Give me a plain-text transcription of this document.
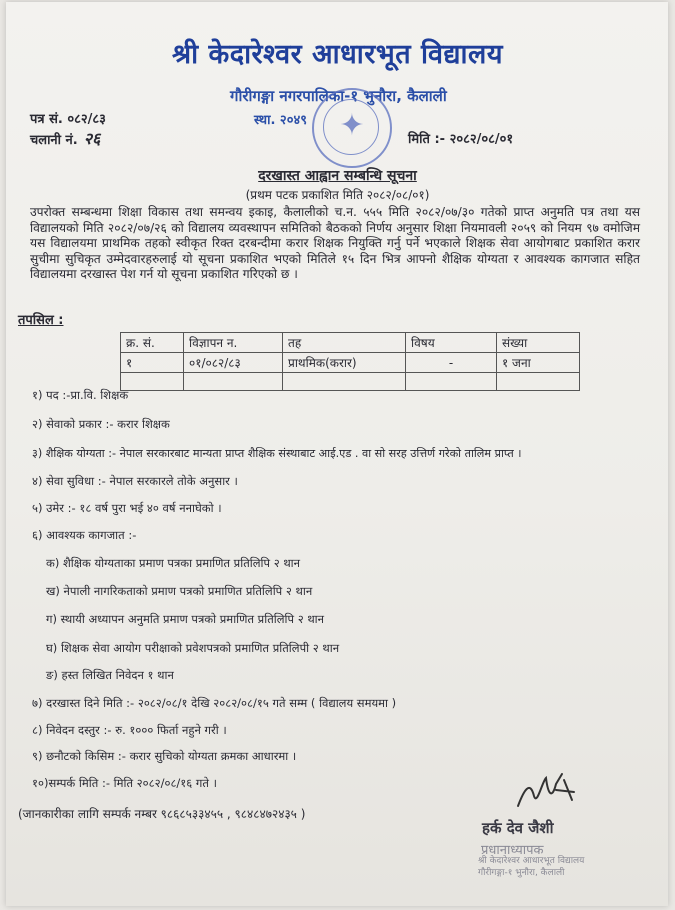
श्री केदारेश्वर आधारभूत विद्यालय
गौरीगङ्गा नगरपालिका-१ भुनौरा, कैलाली
स्था. २०४९	✦
पत्र सं. ०८२/८३
चलानी नं. २६	मिति :- २०८२/०८/०१
दरखास्त आह्वान सम्बन्धि सूचना
(प्रथम पटक प्रकाशित मिति २०८२/०८/०१)
उपरोक्त सम्बन्धमा शिक्षा विकास तथा समन्वय इकाइ, कैलालीको च.न. ५५५ मिति २०८२/०७/३० गतेको प्राप्त अनुमति पत्र तथा यस विद्यालयको मिति २०८२/०७/२६ को विद्यालय व्यवस्थापन समितिको बैठकको निर्णय अनुसार शिक्षा नियमावली २०५९ को नियम ९७ वमोजिम यस विद्यालयमा प्राथमिक तहको स्वीकृत रिक्त दरबन्दीमा करार शिक्षक नियुक्ति गर्नु पर्ने भएकाले शिक्षक सेवा आयोगबाट प्रकाशित करार सुचीमा सुचिकृत उम्मेदवारहरुलाई यो सूचना प्रकाशित भएको मितिले १५ दिन भित्र आफ्नो शैक्षिक योग्यता र आवश्यक कागजात सहित विद्यालयमा दरखास्त पेश गर्न यो सूचना प्रकाशित गरिएको छ ।
तपसिल :
क्र. सं.	विज्ञापन न.	तह	विषय	संख्या
१	०१/०८२/८३	प्राथमिक(करार)	-	१ जना

१) पद :-प्रा.वि. शिक्षक
२) सेवाको प्रकार :- करार शिक्षक
३) शैक्षिक योग्यता :- नेपाल सरकारबाट मान्यता प्राप्त शैक्षिक संस्थाबाट आई.एड . वा सो सरह उत्तिर्ण गरेको तालिम प्राप्त ।
४) सेवा सुविधा :- नेपाल सरकारले तोके अनुसार ।
५) उमेर :- १८ वर्ष पुरा भई ४० वर्ष ननाघेको ।
६) आवश्यक कागजात :-
क) शैक्षिक योग्यताका प्रमाण पत्रका प्रमाणित प्रतिलिपि २ थान
ख) नेपाली नागरिकताको प्रमाण पत्रको प्रमाणित प्रतिलिपि २ थान
ग) स्थायी अध्यापन अनुमति प्रमाण पत्रको प्रमाणित प्रतिलिपि २ थान
घ) शिक्षक सेवा आयोग परीक्षाको प्रवेशपत्रको प्रमाणित प्रतिलिपी २ थान
ङ) हस्त लिखित निवेदन १ थान
७) दरखास्त दिने मिति :- २०८२/०८/१ देखि २०८२/०८/१५ गते सम्म ( विद्यालय समयमा )
८) निवेदन दस्तुर :- रु. १००० फिर्ता नहुने गरी ।
९) छनौटको किसिम :- करार सुचिको योग्यता क्रमका आधारमा ।
१०)सम्पर्क मिति :- मिति २०८२/०८/१६ गते ।
(जानकारीका लागि सम्पर्क नम्बर ९८६८५३३४५५ , ९८४८४७२४३५ )
हर्क देव जैशी
प्रधानाध्यापक
श्री केदारेश्वर आधारभूत विद्यालय
गौरीगङ्गा-१ भुनौरा, कैलाली
